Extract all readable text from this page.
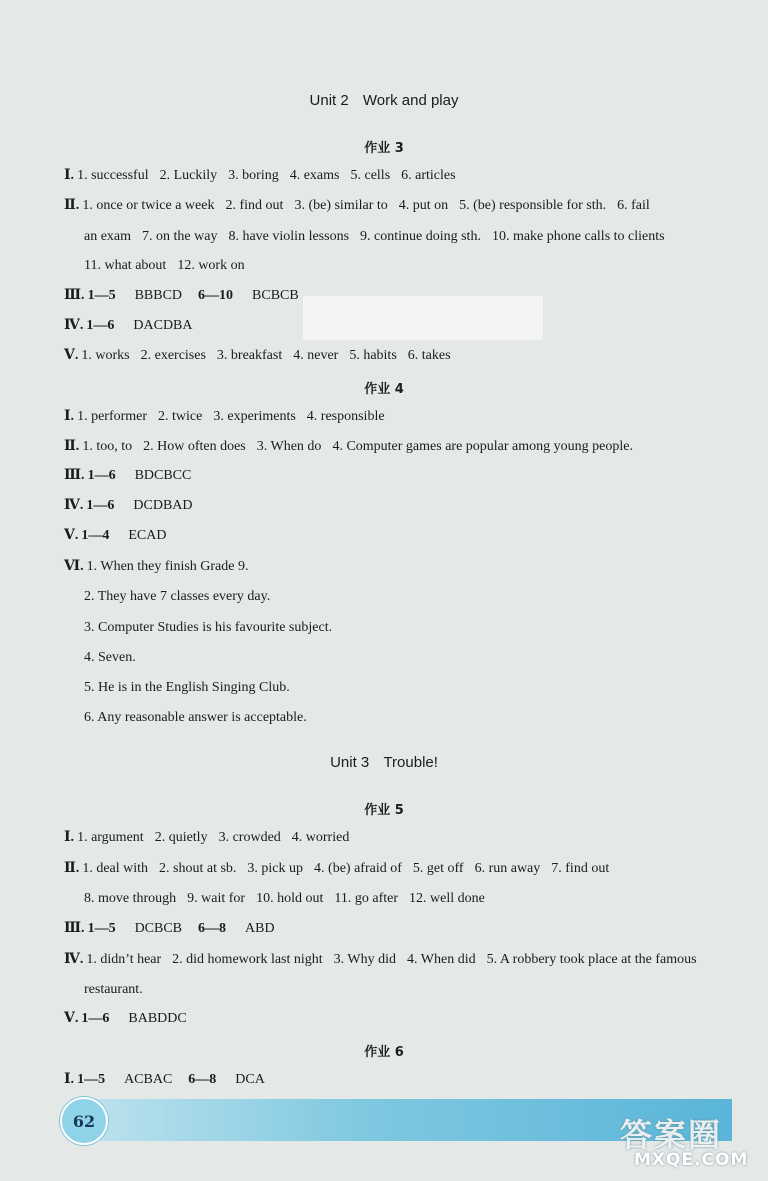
Unit 2 Work and play
作业 3
Ⅰ. 1. successful 2. Luckily 3. boring 4. exams 5. cells 6. articles
Ⅱ. 1. once or twice a week 2. find out 3. (be) similar to 4. put on 5. (be) responsible for sth. 6. fail
an exam 7. on the way 8. have violin lessons 9. continue doing sth. 10. make phone calls to clients
11. what about 12. work on
Ⅲ. 1—5 BBBCD 6—10 BCBCB
Ⅳ. 1—6 DACDBA
Ⅴ. 1. works 2. exercises 3. breakfast 4. never 5. habits 6. takes
作业 4
Ⅰ. 1. performer 2. twice 3. experiments 4. responsible
Ⅱ. 1. too, to 2. How often does 3. When do 4. Computer games are popular among young people.
Ⅲ. 1—6 BDCBCC
Ⅳ. 1—6 DCDBAD
Ⅴ. 1—4 ECAD
Ⅵ. 1. When they finish Grade 9.
2. They have 7 classes every day.
3. Computer Studies is his favourite subject.
4. Seven.
5. He is in the English Singing Club.
6. Any reasonable answer is acceptable.
Unit 3 Trouble!
作业 5
Ⅰ. 1. argument 2. quietly 3. crowded 4. worried
Ⅱ. 1. deal with 2. shout at sb. 3. pick up 4. (be) afraid of 5. get off 6. run away 7. find out
8. move through 9. wait for 10. hold out 11. go after 12. well done
Ⅲ. 1—5 DCBCB 6—8 ABD
Ⅳ. 1. didn’t hear 2. did homework last night 3. Why did 4. When did 5. A robbery took place at the famous
restaurant.
Ⅴ. 1—6 BABDDC
作业 6
Ⅰ. 1—5 ACBAC 6—8 DCA
62	答案圈
MXQE.COM
